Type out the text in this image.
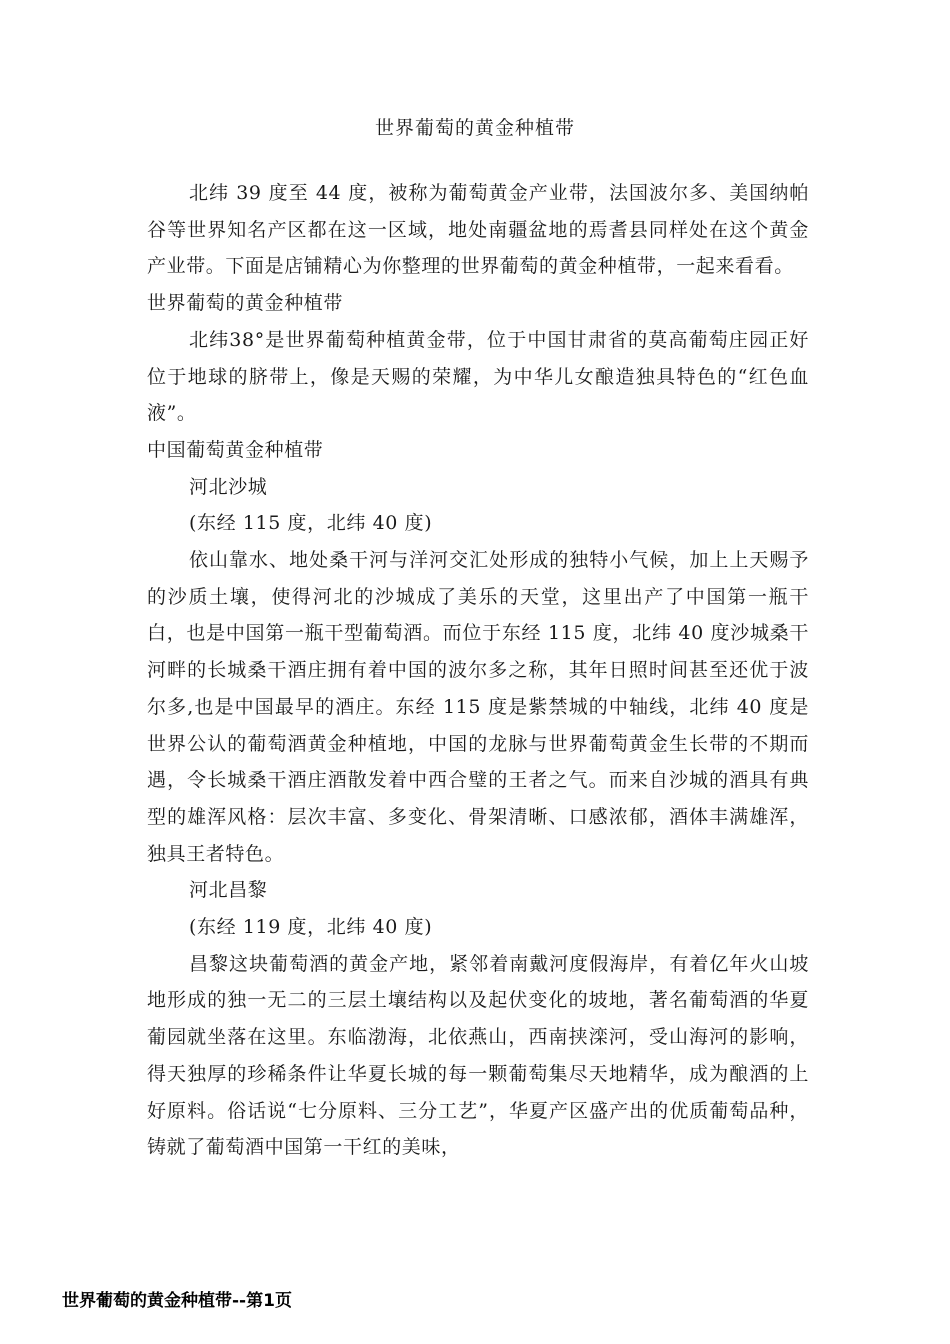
世界葡萄的黄金种植带

北纬 39 度至 44 度，被称为葡萄黄金产业带，法国波尔多、美国纳帕谷等世界知名产区都在这一区域，地处南疆盆地的焉耆县同样处在这个黄金产业带。下面是店铺精心为你整理的世界葡萄的黄金种植带，一起来看看。

世界葡萄的黄金种植带

北纬38°是世界葡萄种植黄金带，位于中国甘肃省的莫高葡萄庄园正好位于地球的脐带上，像是天赐的荣耀，为中华儿女酿造独具特色的“红色血液”。

中国葡萄黄金种植带

河北沙城

(东经 115 度，北纬 40 度)

依山靠水、地处桑干河与洋河交汇处形成的独特小气候，加上上天赐予的沙质土壤，使得河北的沙城成了美乐的天堂，这里出产了中国第一瓶干白，也是中国第一瓶干型葡萄酒。而位于东经 115 度，北纬 40 度沙城桑干河畔的长城桑干酒庄拥有着中国的波尔多之称，其年日照时间甚至还优于波尔多,也是中国最早的酒庄。东经 115 度是紫禁城的中轴线，北纬 40 度是世界公认的葡萄酒黄金种植地，中国的龙脉与世界葡萄黄金生长带的不期而遇，令长城桑干酒庄酒散发着中西合璧的王者之气。而来自沙城的酒具有典型的雄浑风格：层次丰富、多变化、骨架清晰、口感浓郁，酒体丰满雄浑，独具王者特色。

河北昌黎

(东经 119 度，北纬 40 度)

昌黎这块葡萄酒的黄金产地，紧邻着南戴河度假海岸，有着亿年火山坡地形成的独一无二的三层土壤结构以及起伏变化的坡地，著名葡萄酒的华夏葡园就坐落在这里。东临渤海，北依燕山，西南挟滦河，受山海河的影响，得天独厚的珍稀条件让华夏长城的每一颗葡萄集尽天地精华，成为酿酒的上好原料。俗话说“七分原料、三分工艺”，华夏产区盛产出的优质葡萄品种，铸就了葡萄酒中国第一干红的美味，

世界葡萄的黄金种植带--第1页
